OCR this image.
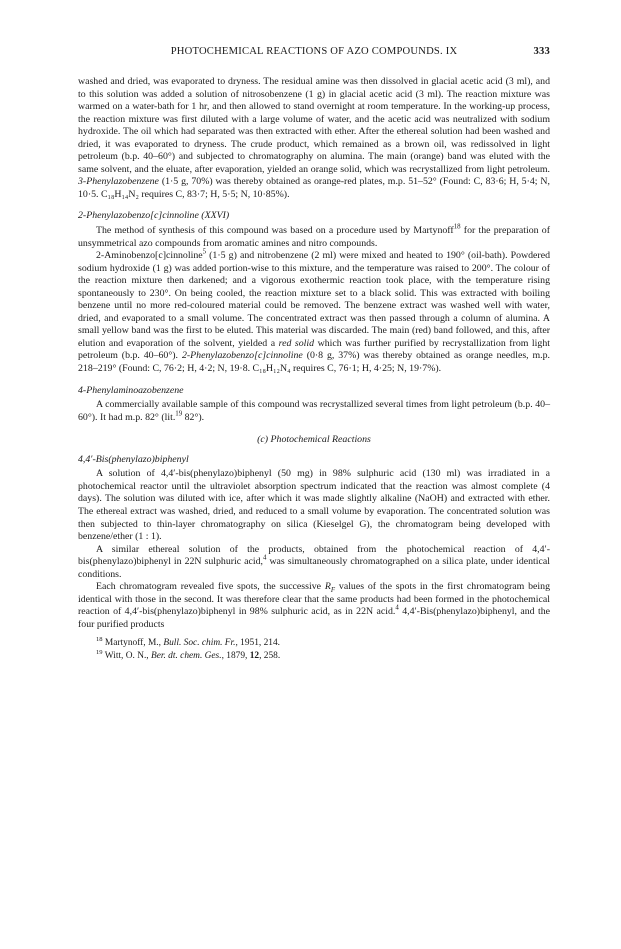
PHOTOCHEMICAL REACTIONS OF AZO COMPOUNDS. IX	333

washed and dried, was evaporated to dryness. The residual amine was then dissolved in glacial acetic acid (3 ml), and to this solution was added a solution of nitrosobenzene (1 g) in glacial acetic acid (3 ml). The reaction mixture was warmed on a water-bath for 1 hr, and then allowed to stand overnight at room temperature. In the working-up process, the reaction mixture was first diluted with a large volume of water, and the acetic acid was neutralized with sodium hydroxide. The oil which had separated was then extracted with ether. After the ethereal solution had been washed and dried, it was evaporated to dryness. The crude product, which remained as a brown oil, was redissolved in light petroleum (b.p. 40–60°) and subjected to chromatography on alumina. The main (orange) band was eluted with the same solvent, and the eluate, after evaporation, yielded an orange solid, which was recrystallized from light petroleum. 3-Phenylazobenzene (1·5 g, 70%) was thereby obtained as orange-red plates, m.p. 51–52° (Found: C, 83·6; H, 5·4; N, 10·5. C₁₈H₁₄N₂ requires C, 83·7; H, 5·5; N, 10·85%).

2-Phenylazobenzo[c]cinnoline (XXVI)

The method of synthesis of this compound was based on a procedure used by Martynoff$^{18}$ for the preparation of unsymmetrical azo compounds from aromatic amines and nitro compounds.

2-Aminobenzo[c]cinnoline$^5$ (1·5 g) and nitrobenzene (2 ml) were mixed and heated to 190° (oil-bath). Powdered sodium hydroxide (1 g) was added portion-wise to this mixture, and the temperature was raised to 200°. The colour of the reaction mixture then darkened; and a vigorous exothermic reaction took place, with the temperature rising spontaneously to 230°. On being cooled, the reaction mixture set to a black solid. This was extracted with boiling benzene until no more red-coloured material could be removed. The benzene extract was washed well with water, dried, and evaporated to a small volume. The concentrated extract was then passed through a column of alumina. A small yellow band was the first to be eluted. This material was discarded. The main (red) band followed, and this, after elution and evaporation of the solvent, yielded a red solid which was further purified by recrystallization from light petroleum (b.p. 40–60°). 2-Phenylazobenzo[c]cinnoline (0·8 g, 37%) was thereby obtained as orange needles, m.p. 218–219° (Found: C, 76·2; H, 4·2; N, 19·8. C₁₈H₁₂N₄ requires C, 76·1; H, 4·25; N, 19·7%).

4-Phenylaminoazobenzene

A commercially available sample of this compound was recrystallized several times from light petroleum (b.p. 40–60°). It had m.p. 82° (lit.$^{19}$ 82°).

(c) Photochemical Reactions

4,4′-Bis(phenylazo)biphenyl

A solution of 4,4′-bis(phenylazo)biphenyl (50 mg) in 98% sulphuric acid (130 ml) was irradiated in a photochemical reactor until the ultraviolet absorption spectrum indicated that the reaction was almost complete (4 days). The solution was diluted with ice, after which it was made slightly alkaline (NaOH) and extracted with ether. The ethereal extract was washed, dried, and reduced to a small volume by evaporation. The concentrated solution was then subjected to thin-layer chromatography on silica (Kieselgel G), the chromatogram being developed with benzene/ether (1 : 1).

A similar ethereal solution of the products, obtained from the photochemical reaction of 4,4′-bis(phenylazo)biphenyl in 22N sulphuric acid,$^4$ was simultaneously chromatographed on a silica plate, under identical conditions.

Each chromatogram revealed five spots, the successive $R_F$ values of the spots in the first chromatogram being identical with those in the second. It was therefore clear that the same products had been formed in the photochemical reaction of 4,4′-bis(phenylazo)biphenyl in 98% sulphuric acid, as in 22N acid.$^4$ 4,4′-Bis(phenylazo)biphenyl, and the four purified products

$^{18}$ Martynoff, M., Bull. Soc. chim. Fr., 1951, 214.

$^{19}$ Witt, O. N., Ber. dt. chem. Ges., 1879, 12, 258.
